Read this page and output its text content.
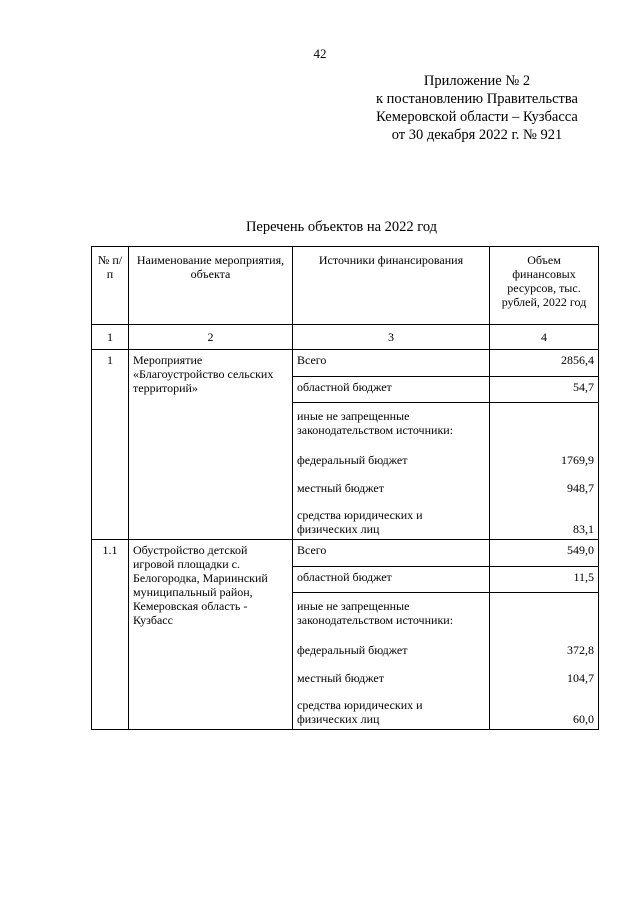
42
Приложение № 2
к постановлению Правительства
Кемеровской области – Кузбасса
от 30 декабря 2022 г. № 921
Перечень объектов на 2022 год
№ п/п	Наименование мероприятия, объекта	Источники финансирования	Объем финансовых ресурсов, тыс. рублей, 2022 год
1	2	3	4
1	Мероприятие «Благоустройство сельских территорий»	Всего	2856,4
		областной бюджет	54,7
		иные не запрещенные законодательством источники:	
		федеральный бюджет	1769,9
		местный бюджет	948,7
		средства юридических и физических лиц	83,1
1.1	Обустройство детской игровой площадки с. Белогородка, Мариинский муниципальный район, Кемеровская область - Кузбасс	Всего	549,0
		областной бюджет	11,5
		иные не запрещенные законодательством источники:	
		федеральный бюджет	372,8
		местный бюджет	104,7
		средства юридических и физических лиц	60,0
